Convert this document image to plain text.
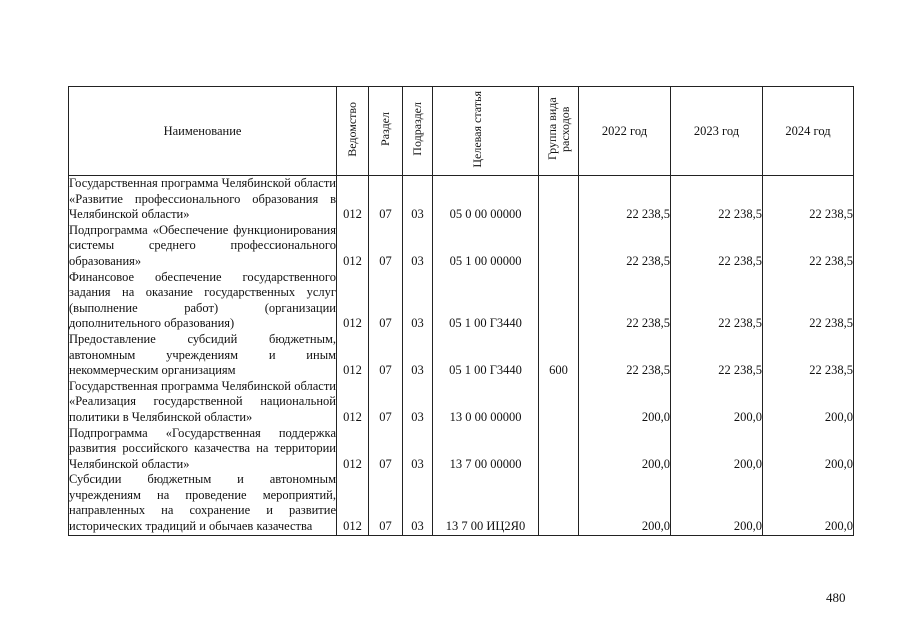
Наименование	Ведомство	Раздел	Подраздел	Целевая статья	Группа вида расходов	2022 год	2023 год	2024 год
Государственная программа Челябинской области «Развитие профессионального образования в Челябинской области»	012	07	03	05 0 00 00000		22 238,5	22 238,5	22 238,5
Подпрограмма «Обеспечение функционирования системы среднего профессионального образования»	012	07	03	05 1 00 00000		22 238,5	22 238,5	22 238,5
Финансовое обеспечение государственного задания на оказание государственных услуг (выполнение работ) (организации дополнительного образования)	012	07	03	05 1 00 Г3440		22 238,5	22 238,5	22 238,5
Предоставление субсидий бюджетным, автономным учреждениям и иным некоммерческим организациям	012	07	03	05 1 00 Г3440	600	22 238,5	22 238,5	22 238,5
Государственная программа Челябинской области «Реализация государственной национальной политики в Челябинской области»	012	07	03	13 0 00 00000		200,0	200,0	200,0
Подпрограмма «Государственная поддержка развития российского казачества на территории Челябинской области»	012	07	03	13 7 00 00000		200,0	200,0	200,0
Субсидии бюджетным и автономным учреждениям на проведение мероприятий, направленных на сохранение и развитие исторических традиций и обычаев казачества	012	07	03	13 7 00 ИЦ2Я0		200,0	200,0	200,0
480
